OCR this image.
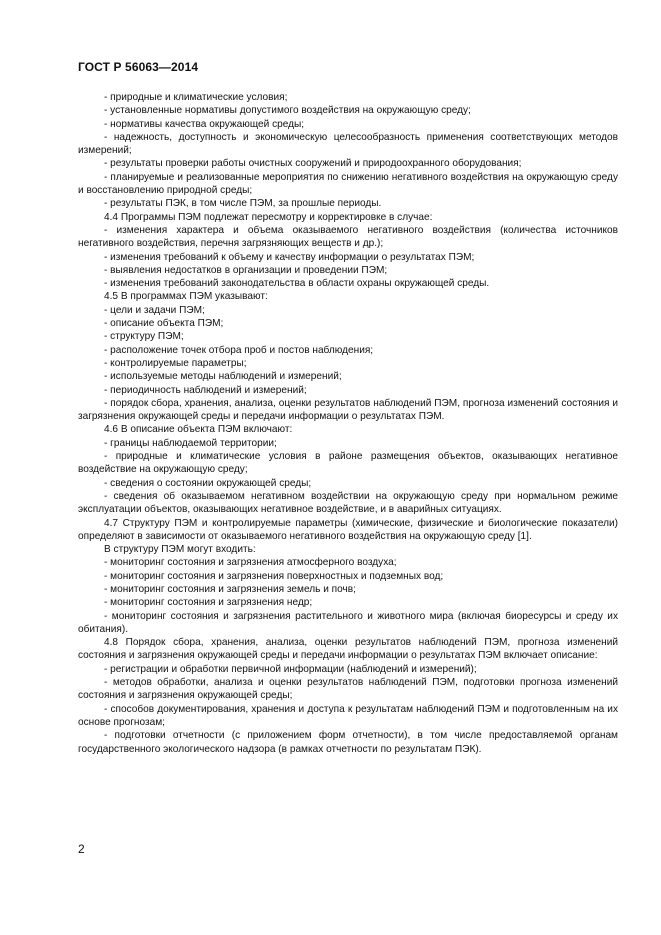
ГОСТ Р 56063—2014

- природные и климатические условия;

- установленные нормативы допустимого воздействия на окружающую среду;

- нормативы качества окружающей среды;

- надежность, доступность и экономическую целесообразность применения соответствующих методов измерений;

- результаты проверки работы очистных сооружений и природоохранного оборудования;

- планируемые и реализованные мероприятия по снижению негативного воздействия на окружающую среду и восстановлению природной среды;

- результаты ПЭК, в том числе ПЭМ, за прошлые периоды.

4.4 Программы ПЭМ подлежат пересмотру и корректировке в случае:

- изменения характера и объема оказываемого негативного воздействия (количества источников негативного воздействия, перечня загрязняющих веществ и др.);

- изменения требований к объему и качеству информации о результатах ПЭМ;

- выявления недостатков в организации и проведении ПЭМ;

- изменения требований законодательства в области охраны окружающей среды.

4.5 В программах ПЭМ указывают:

- цели и задачи ПЭМ;

- описание объекта ПЭМ;

- структуру ПЭМ;

- расположение точек отбора проб и постов наблюдения;

- контролируемые параметры;

- используемые методы наблюдений и измерений;

- периодичность наблюдений и измерений;

- порядок сбора, хранения, анализа, оценки результатов наблюдений ПЭМ, прогноза изменений состояния и загрязнения окружающей среды и передачи информации о результатах ПЭМ.

4.6 В описание объекта ПЭМ включают:

- границы наблюдаемой территории;

- природные и климатические условия в районе размещения объектов, оказывающих негативное воздействие на окружающую среду;

- сведения о состоянии окружающей среды;

- сведения об оказываемом негативном воздействии на окружающую среду при нормальном режиме эксплуатации объектов, оказывающих негативное воздействие, и в аварийных ситуациях.

4.7 Структуру ПЭМ и контролируемые параметры (химические, физические и биологические показатели) определяют в зависимости от оказываемого негативного воздействия на окружающую среду [1].

В структуру ПЭМ могут входить:

- мониторинг состояния и загрязнения атмосферного воздуха;

- мониторинг состояния и загрязнения поверхностных и подземных вод;

- мониторинг состояния и загрязнения земель и почв;

- мониторинг состояния и загрязнения недр;

- мониторинг состояния и загрязнения растительного и животного мира (включая биоресурсы и среду их обитания).

4.8 Порядок сбора, хранения, анализа, оценки результатов наблюдений ПЭМ, прогноза изменений состояния и загрязнения окружающей среды и передачи информации о результатах ПЭМ включает описание:

- регистрации и обработки первичной информации (наблюдений и измерений);

- методов обработки, анализа и оценки результатов наблюдений ПЭМ, подготовки прогноза изменений состояния и загрязнения окружающей среды;

- способов документирования, хранения и доступа к результатам наблюдений ПЭМ и подготовленным на их основе прогнозам;

- подготовки отчетности (с приложением форм отчетности), в том числе предоставляемой органам государственного экологического надзора (в рамках отчетности по результатам ПЭК).

2
